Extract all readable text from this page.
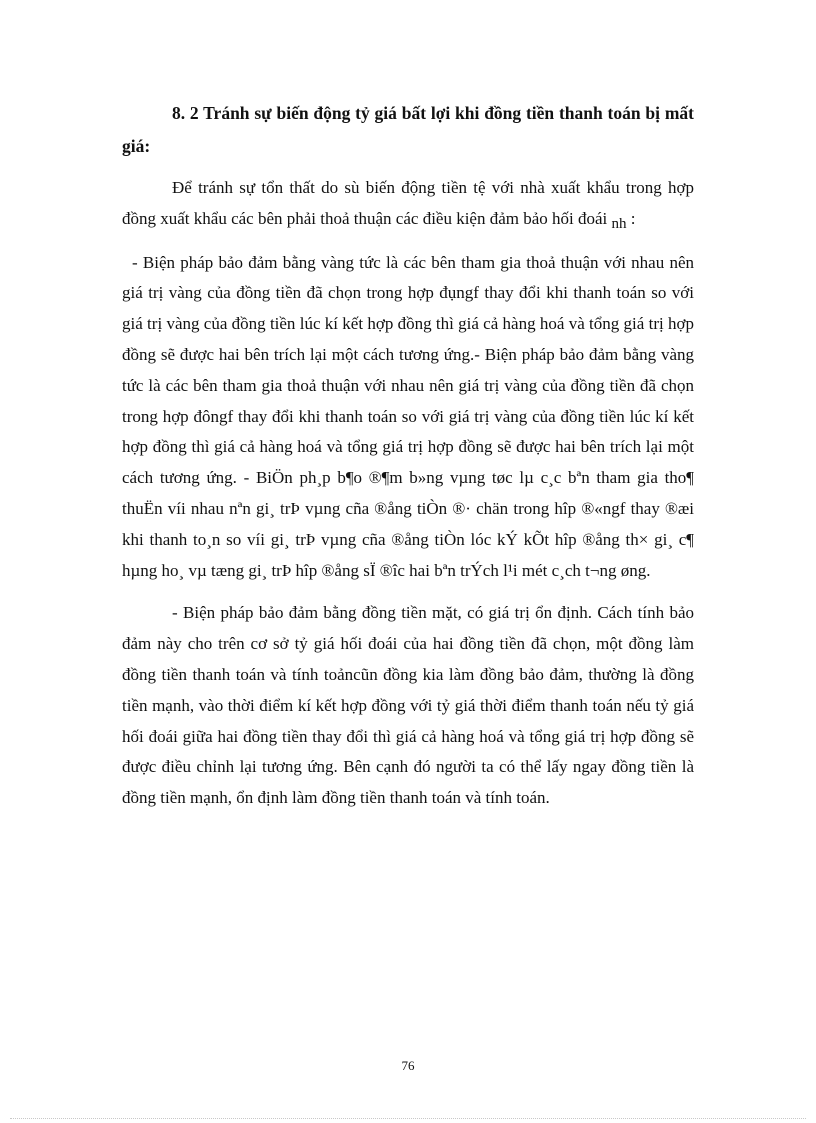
8. 2 Tránh sự biến động tỷ giá bất lợi khi đồng tiền thanh toán bị mất giá:

Để tránh sự tổn thất do sù biến động tiền tệ với nhà xuất khẩu trong hợp đồng xuất khẩu các bên phải thoả thuận các điều kiện đảm bảo hối đoái nh :

- Biện pháp bảo đảm bằng vàng tức là các bên tham gia thoả thuận với nhau nên giá trị vàng của đồng tiền đã chọn trong hợp đụngf thay đổi khi thanh toán so với giá trị vàng của đồng tiền lúc kí kết hợp đồng thì giá cả hàng hoá và tổng giá trị hợp đồng sẽ được hai bên trích lại một cách tương ứng.- Biện pháp bảo đảm bằng vàng tức là các bên tham gia thoả thuận với nhau nên giá trị vàng của đồng tiền đã chọn trong hợp đôngf thay đổi khi thanh toán so với giá trị vàng của đồng tiền lúc kí kết hợp đồng thì giá cả hàng hoá và tổng giá trị hợp đồng sẽ được hai bên trích lại một cách tương ứng. - BiÖn ph¸p b¶o ®¶m b»ng vµng tøc lµ c¸c bªn tham gia tho¶ thuËn víi nhau nªn gi¸ trÞ vµng cña ®ång tiÒn ®· chän trong hîp ®«ngf thay ®æi khi thanh to¸n so víi gi¸ trÞ vµng cña ®ång tiÒn lóc kÝ kÕt hîp ®ång th× gi¸ c¶ hµng ho¸ vµ tæng gi¸ trÞ hîp ®ång sÏ ®îc hai bªn trÝch l¹i mét c¸ch t¬ng øng.

- Biện pháp bảo đảm bằng đồng tiền mặt, có giá trị ổn định. Cách tính bảo đảm này cho trên cơ sở tỷ giá hối đoái của hai đồng tiền đã chọn, một đồng làm đồng tiền thanh toán và tính toảncũn đồng kia làm đồng bảo đảm, thường là đồng tiền mạnh, vào thời điểm kí kết hợp đồng với tỷ giá thời điểm thanh toán nếu tỷ giá hối đoái giữa hai đồng tiền thay đổi thì giá cả hàng hoá và tổng giá trị hợp đồng sẽ được điều chỉnh lại tương ứng. Bên cạnh đó người ta có thể lấy ngay đồng tiền là đồng tiền mạnh, ổn định làm đồng tiền thanh toán và tính toán.

76
